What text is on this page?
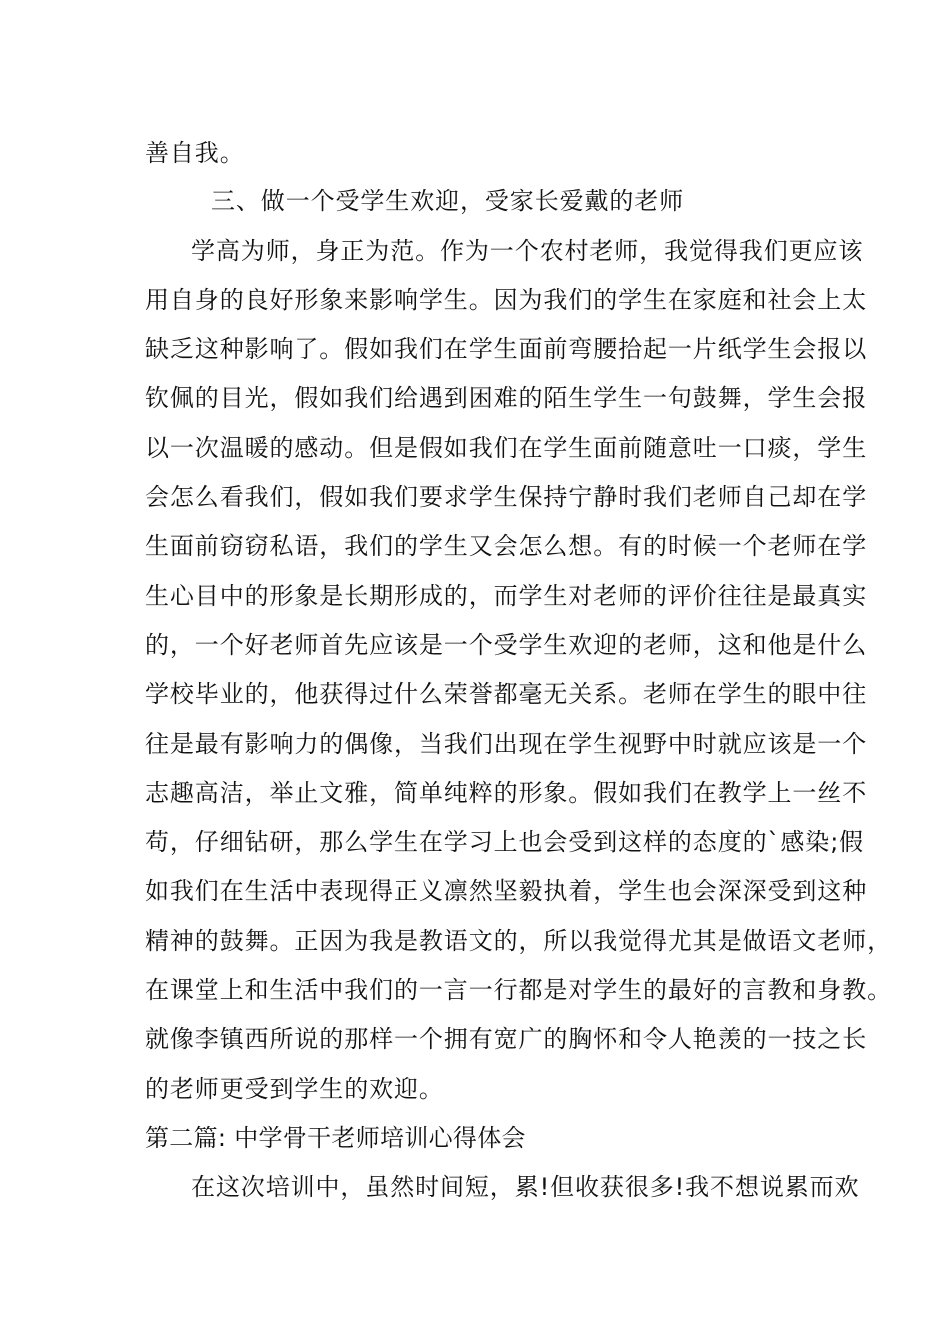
善自我。
三、做一个受学生欢迎，受家长爱戴的老师
学高为师，身正为范。作为一个农村老师，我觉得我们更应该
用自身的良好形象来影响学生。因为我们的学生在家庭和社会上太
缺乏这种影响了。假如我们在学生面前弯腰拾起一片纸学生会报以
钦佩的目光，假如我们给遇到困难的陌生学生一句鼓舞，学生会报
以一次温暖的感动。但是假如我们在学生面前随意吐一口痰，学生
会怎么看我们，假如我们要求学生保持宁静时我们老师自己却在学
生面前窃窃私语，我们的学生又会怎么想。有的时候一个老师在学
生心目中的形象是长期形成的，而学生对老师的评价往往是最真实
的，一个好老师首先应该是一个受学生欢迎的老师，这和他是什么
学校毕业的，他获得过什么荣誉都毫无关系。老师在学生的眼中往
往是最有影响力的偶像，当我们出现在学生视野中时就应该是一个
志趣高洁，举止文雅，简单纯粹的形象。假如我们在教学上一丝不
苟，仔细钻研，那么学生在学习上也会受到这样的态度的`感染;假
如我们在生活中表现得正义凛然坚毅执着，学生也会深深受到这种
精神的鼓舞。正因为我是教语文的，所以我觉得尤其是做语文老师，
在课堂上和生活中我们的一言一行都是对学生的最好的言教和身教。
就像李镇西所说的那样一个拥有宽广的胸怀和令人艳羡的一技之长
的老师更受到学生的欢迎。
第二篇: 中学骨干老师培训心得体会
在这次培训中，虽然时间短，累!但收获很多!我不想说累而欢
